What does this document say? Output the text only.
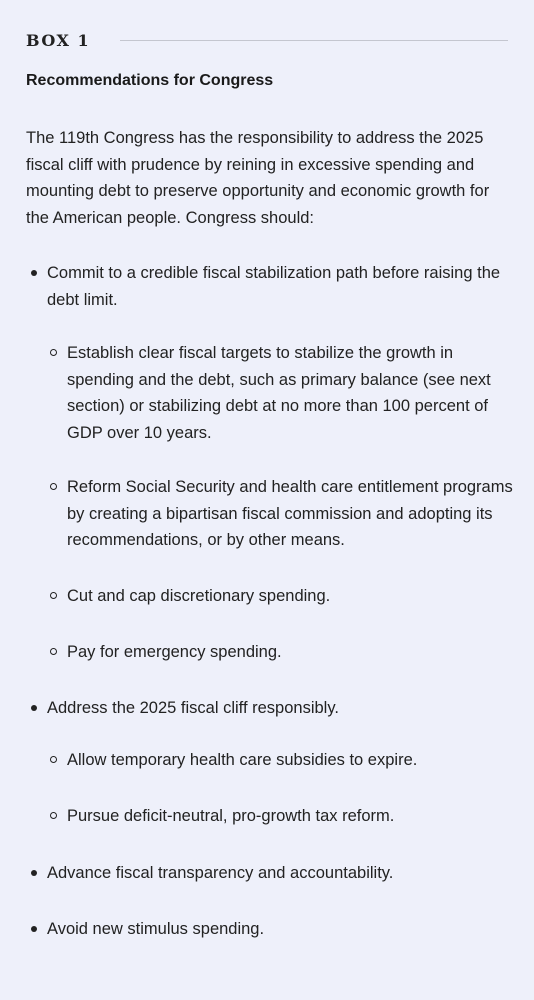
BOX 1
Recommendations for Congress

The 119th Congress has the responsibility to address the 2025 fiscal cliff with prudence by reining in excessive spending and mounting debt to preserve opportunity and economic growth for the American people. Congress should:

Commit to a credible fiscal stabilization path before raising the debt limit.
Establish clear fiscal targets to stabilize the growth in spending and the debt, such as primary balance (see next section) or stabilizing debt at no more than 100 percent of GDP over 10 years.
Reform Social Security and health care entitlement programs by creating a bipartisan fiscal commission and adopting its recommendations, or by other means.
Cut and cap discretionary spending.
Pay for emergency spending.
Address the 2025 fiscal cliff responsibly.
Allow temporary health care subsidies to expire.
Pursue deficit-neutral, pro-growth tax reform.
Advance fiscal transparency and accountability.
Avoid new stimulus spending.
